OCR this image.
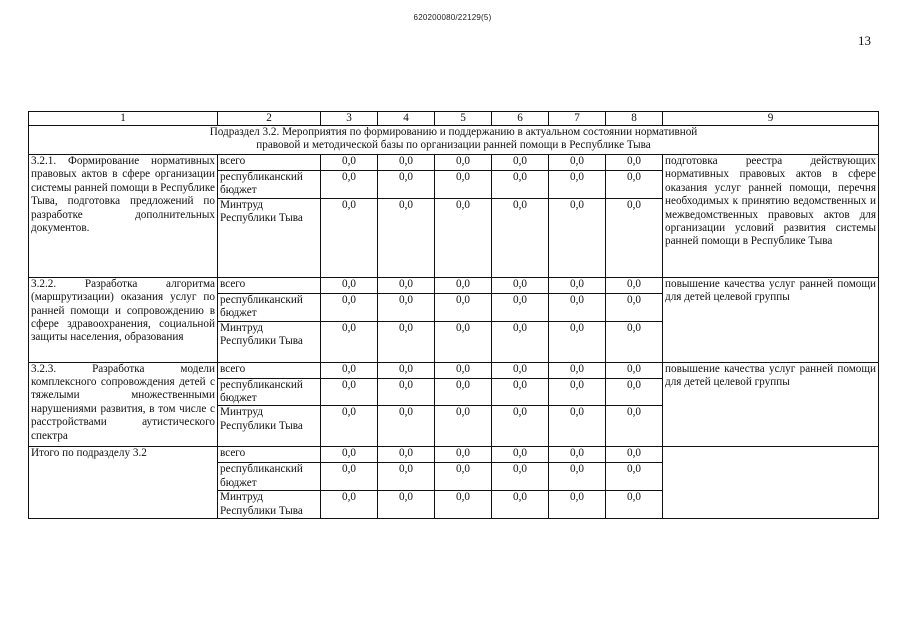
620200080/22129(5)
13
1	2	3	4	5	6	7	8	9

Подраздел 3.2. Мероприятия по формированию и поддержанию в актуальном состоянии нормативной
правовой и методической базы по организации ранней помощи в Республике Тыва								

3.2.1. Формирование нормативных правовых актов в сфере организации системы ранней помощи в Республике Тыва, подготовка предложений по разработке дополнительных документов.	всего	0,0	0,0	0,0	0,0	0,0	0,0	подготовка реестра действующих нормативных правовых актов в сфере оказания услуг ранней помощи, перечня необходимых к принятию ведомственных и межведомственных правовых актов для организации условий развития системы ранней помощи в Республике Тыва
	республиканский бюджет	0,0	0,0	0,0	0,0	0,0	0,0	
	Минтруд Республики Тыва	0,0	0,0	0,0	0,0	0,0	0,0	
3.2.2. Разработка алгоритма (маршрутизации) оказания услуг по ранней помощи и сопровождению в сфере здравоохранения, социальной защиты населения, образования	всего	0,0	0,0	0,0	0,0	0,0	0,0	повышение качества услуг ранней помощи для детей целевой группы
	республиканский бюджет	0,0	0,0	0,0	0,0	0,0	0,0	
	Минтруд Республики Тыва	0,0	0,0	0,0	0,0	0,0	0,0	
3.2.3. Разработка модели комплексного сопровождения детей с тяжелыми множественными нарушениями развития, в том числе с расстройствами аутистического спектра	всего	0,0	0,0	0,0	0,0	0,0	0,0	повышение качества услуг ранней помощи для детей целевой группы
	республиканский бюджет	0,0	0,0	0,0	0,0	0,0	0,0	
	Минтруд Республики Тыва	0,0	0,0	0,0	0,0	0,0	0,0	
Итого по подразделу 3.2	всего	0,0	0,0	0,0	0,0	0,0	0,0	
	республиканский бюджет	0,0	0,0	0,0	0,0	0,0	0,0	
	Минтруд Республики Тыва	0,0	0,0	0,0	0,0	0,0	0,0	
